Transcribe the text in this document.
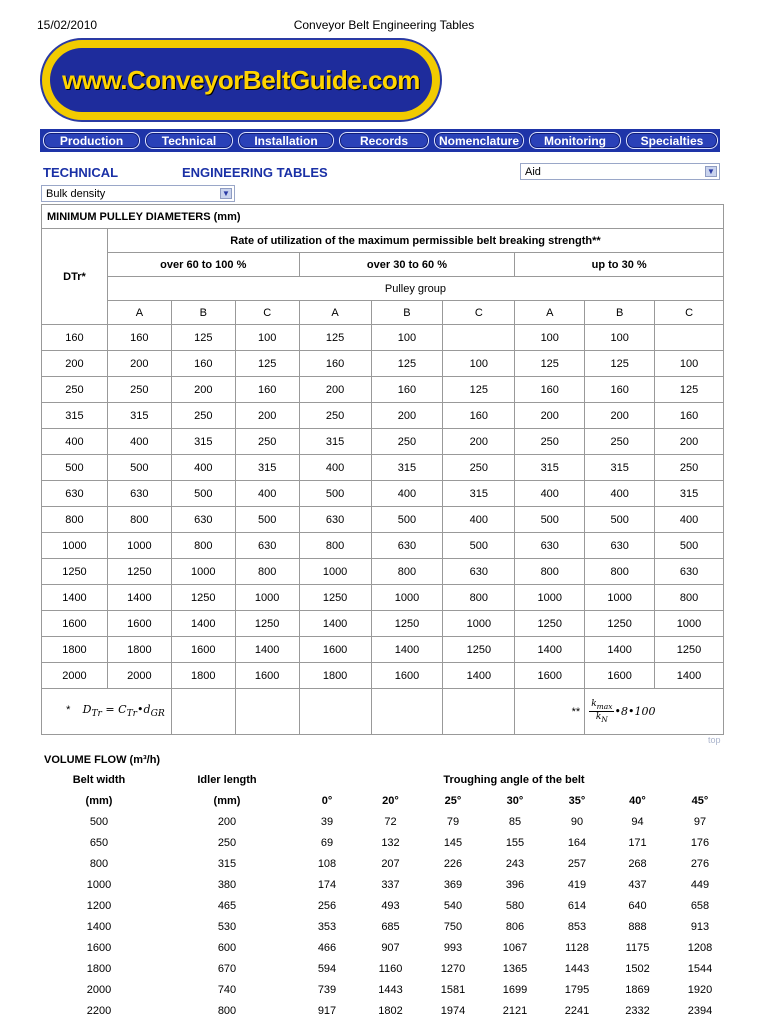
15/02/2010	Conveyor Belt Engineering Tables
www.ConveyorBeltGuide.com
Production	Technical	Installation	Records	Nomenclature	Monitoring	Specialties
TECHNICAL	ENGINEERING TABLES	Aid	▼
Bulk density	▼
MINIMUM PULLEY DIAMETERS (mm)									
DTr*	Rate of utilization of the maximum permissible belt breaking strength**								
	over 60 to 100 %			over 30 to 60 %			up to 30 %		
	Pulley group								
	A	B	C	A	B	C	A	B	C
160	160	125	100	125	100		100	100	
200	200	160	125	160	125	100	125	125	100
250	250	200	160	200	160	125	160	160	125
315	315	250	200	250	200	160	200	200	160
400	400	315	250	315	250	200	250	250	200
500	500	400	315	400	315	250	315	315	250
630	630	500	400	500	400	315	400	400	315
800	800	630	500	630	500	400	500	500	400
1000	1000	800	630	800	630	500	630	630	500
1250	1250	1000	800	1000	800	630	800	800	630
1400	1400	1250	1000	1250	1000	800	1000	1000	800
1600	1600	1400	1250	1400	1250	1000	1250	1250	1000
1800	1800	1600	1400	1600	1400	1250	1400	1400	1250
2000	2000	1800	1600	1800	1600	1400	1600	1600	1400
* $D_{Tr}$ = $C_{Tr}•d_{GR}$							**	$\frac{k_{max}}{k_N}$ •8•100	
top
VOLUME FLOW (m³/h)
Belt width	Idler length	Troughing angle of the belt						
(mm)	(mm)	0°	20°	25°	30°	35°	40°	45°
500	200	39	72	79	85	90	94	97
650	250	69	132	145	155	164	171	176
800	315	108	207	226	243	257	268	276
1000	380	174	337	369	396	419	437	449
1200	465	256	493	540	580	614	640	658
1400	530	353	685	750	806	853	888	913
1600	600	466	907	993	1067	1128	1175	1208
1800	670	594	1160	1270	1365	1443	1502	1544
2000	740	739	1443	1581	1699	1795	1869	1920
2200	800	917	1802	1974	2121	2241	2332	2394
